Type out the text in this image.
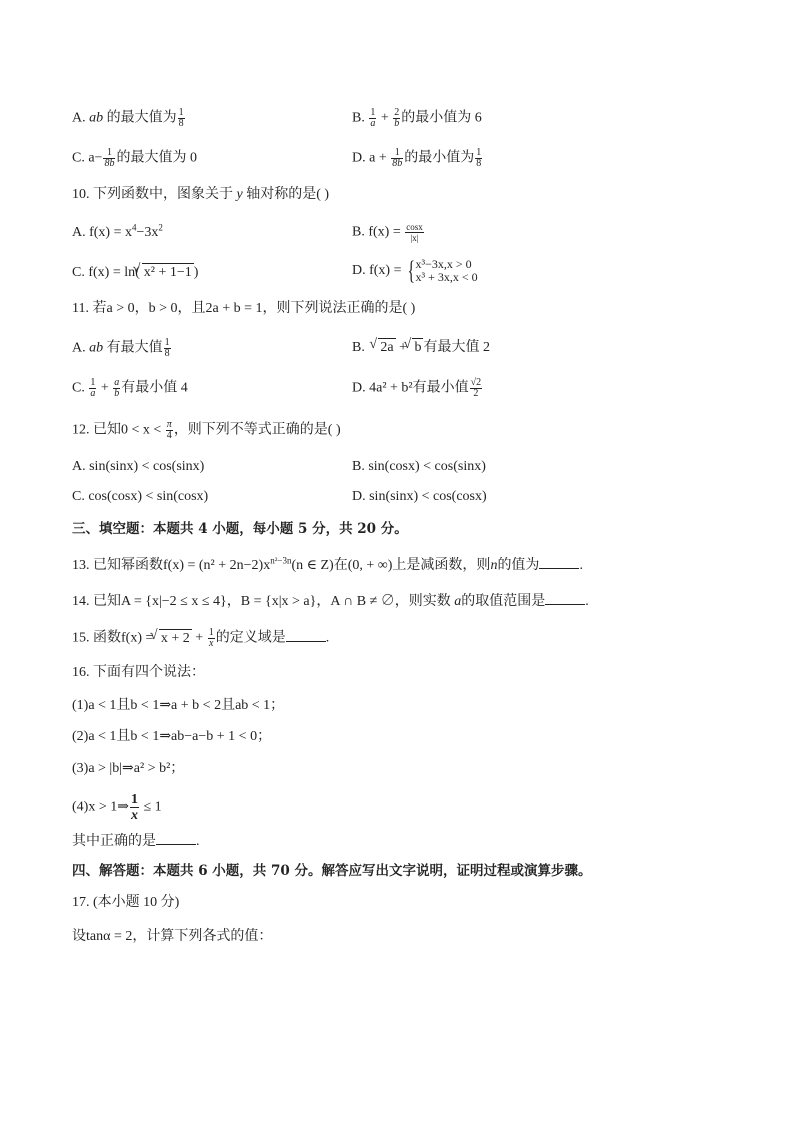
A. ab 的最大值为 $\frac{1}{8}$	B. $\frac{1}{a} + \frac{2}{b}$ 的最小值为 6
C. $a- \frac{1}{8b}$ 的最大值为 0	D. $a + \frac{1}{8b}$ 的最小值为 $\frac{1}{8}$
10. 下列函数中，图象关于 y 轴对称的是( )
A. $f(x) = x^4-3x^2$	B. $f(x) = \frac{\cos x}{|x|}$
C. f(x) = ln(√ x² + 1−1 )	D. f(x) = { x³−3x,x > 0
x³ + 3x,x < 0
11. 若a > 0，b > 0，且2a + b = 1，则下列说法正确的是( )
A. ab 有最大值 $\frac{1}{8}$	B. √ 2a + √ b 有最大值 2
C. $\frac{1}{a} + \frac{a}{b}$ 有最小值 4	D. 4a² + b²有最小值 $\frac{√2}{2}$
12. 已知$0 < x < \frac{\pi}{4}$ ，则下列不等式正确的是( )
A. sin(sinx) < cos(sinx)	B. sin(cosx) < cos(sinx)
C. cos(cosx) < sin(cosx)	D. sin(sinx) < cos(cosx)
三、填空题：本题共 4 小题，每小题 5 分，共 20 分。
13. 已知幂函数$f(x) = (n^2 + 2n-2)x^{n^2-3n}(n$ ∈ Z)在(0, + ∞)上是减函数，则n的值为	.
14. 已知A = {x|−2 ≤ x ≤ 4}，B = {x|x > a}，A ∩ B ≠ ∅，则实数 a的取值范围是	.
15. 函数f(x) = √ $x + 2 + \frac{1}{x}$ 的定义域是	.
16. 下面有四个说法：
(1)a < 1且b < 1⇒a + b < 2且ab < 1；
(2)a < 1且b < 1⇒ab−a−b + 1 < 0；
(3)a > |b|⇒a² > b²；
(4)x > 1⇒ $\frac{1}{x} \le 1$
其中正确的是	.
四、解答题：本题共 6 小题，共 70 分。解答应写出文字说明，证明过程或演算步骤。
17. (本小题 10 分)
设tanα = 2，计算下列各式的值：
